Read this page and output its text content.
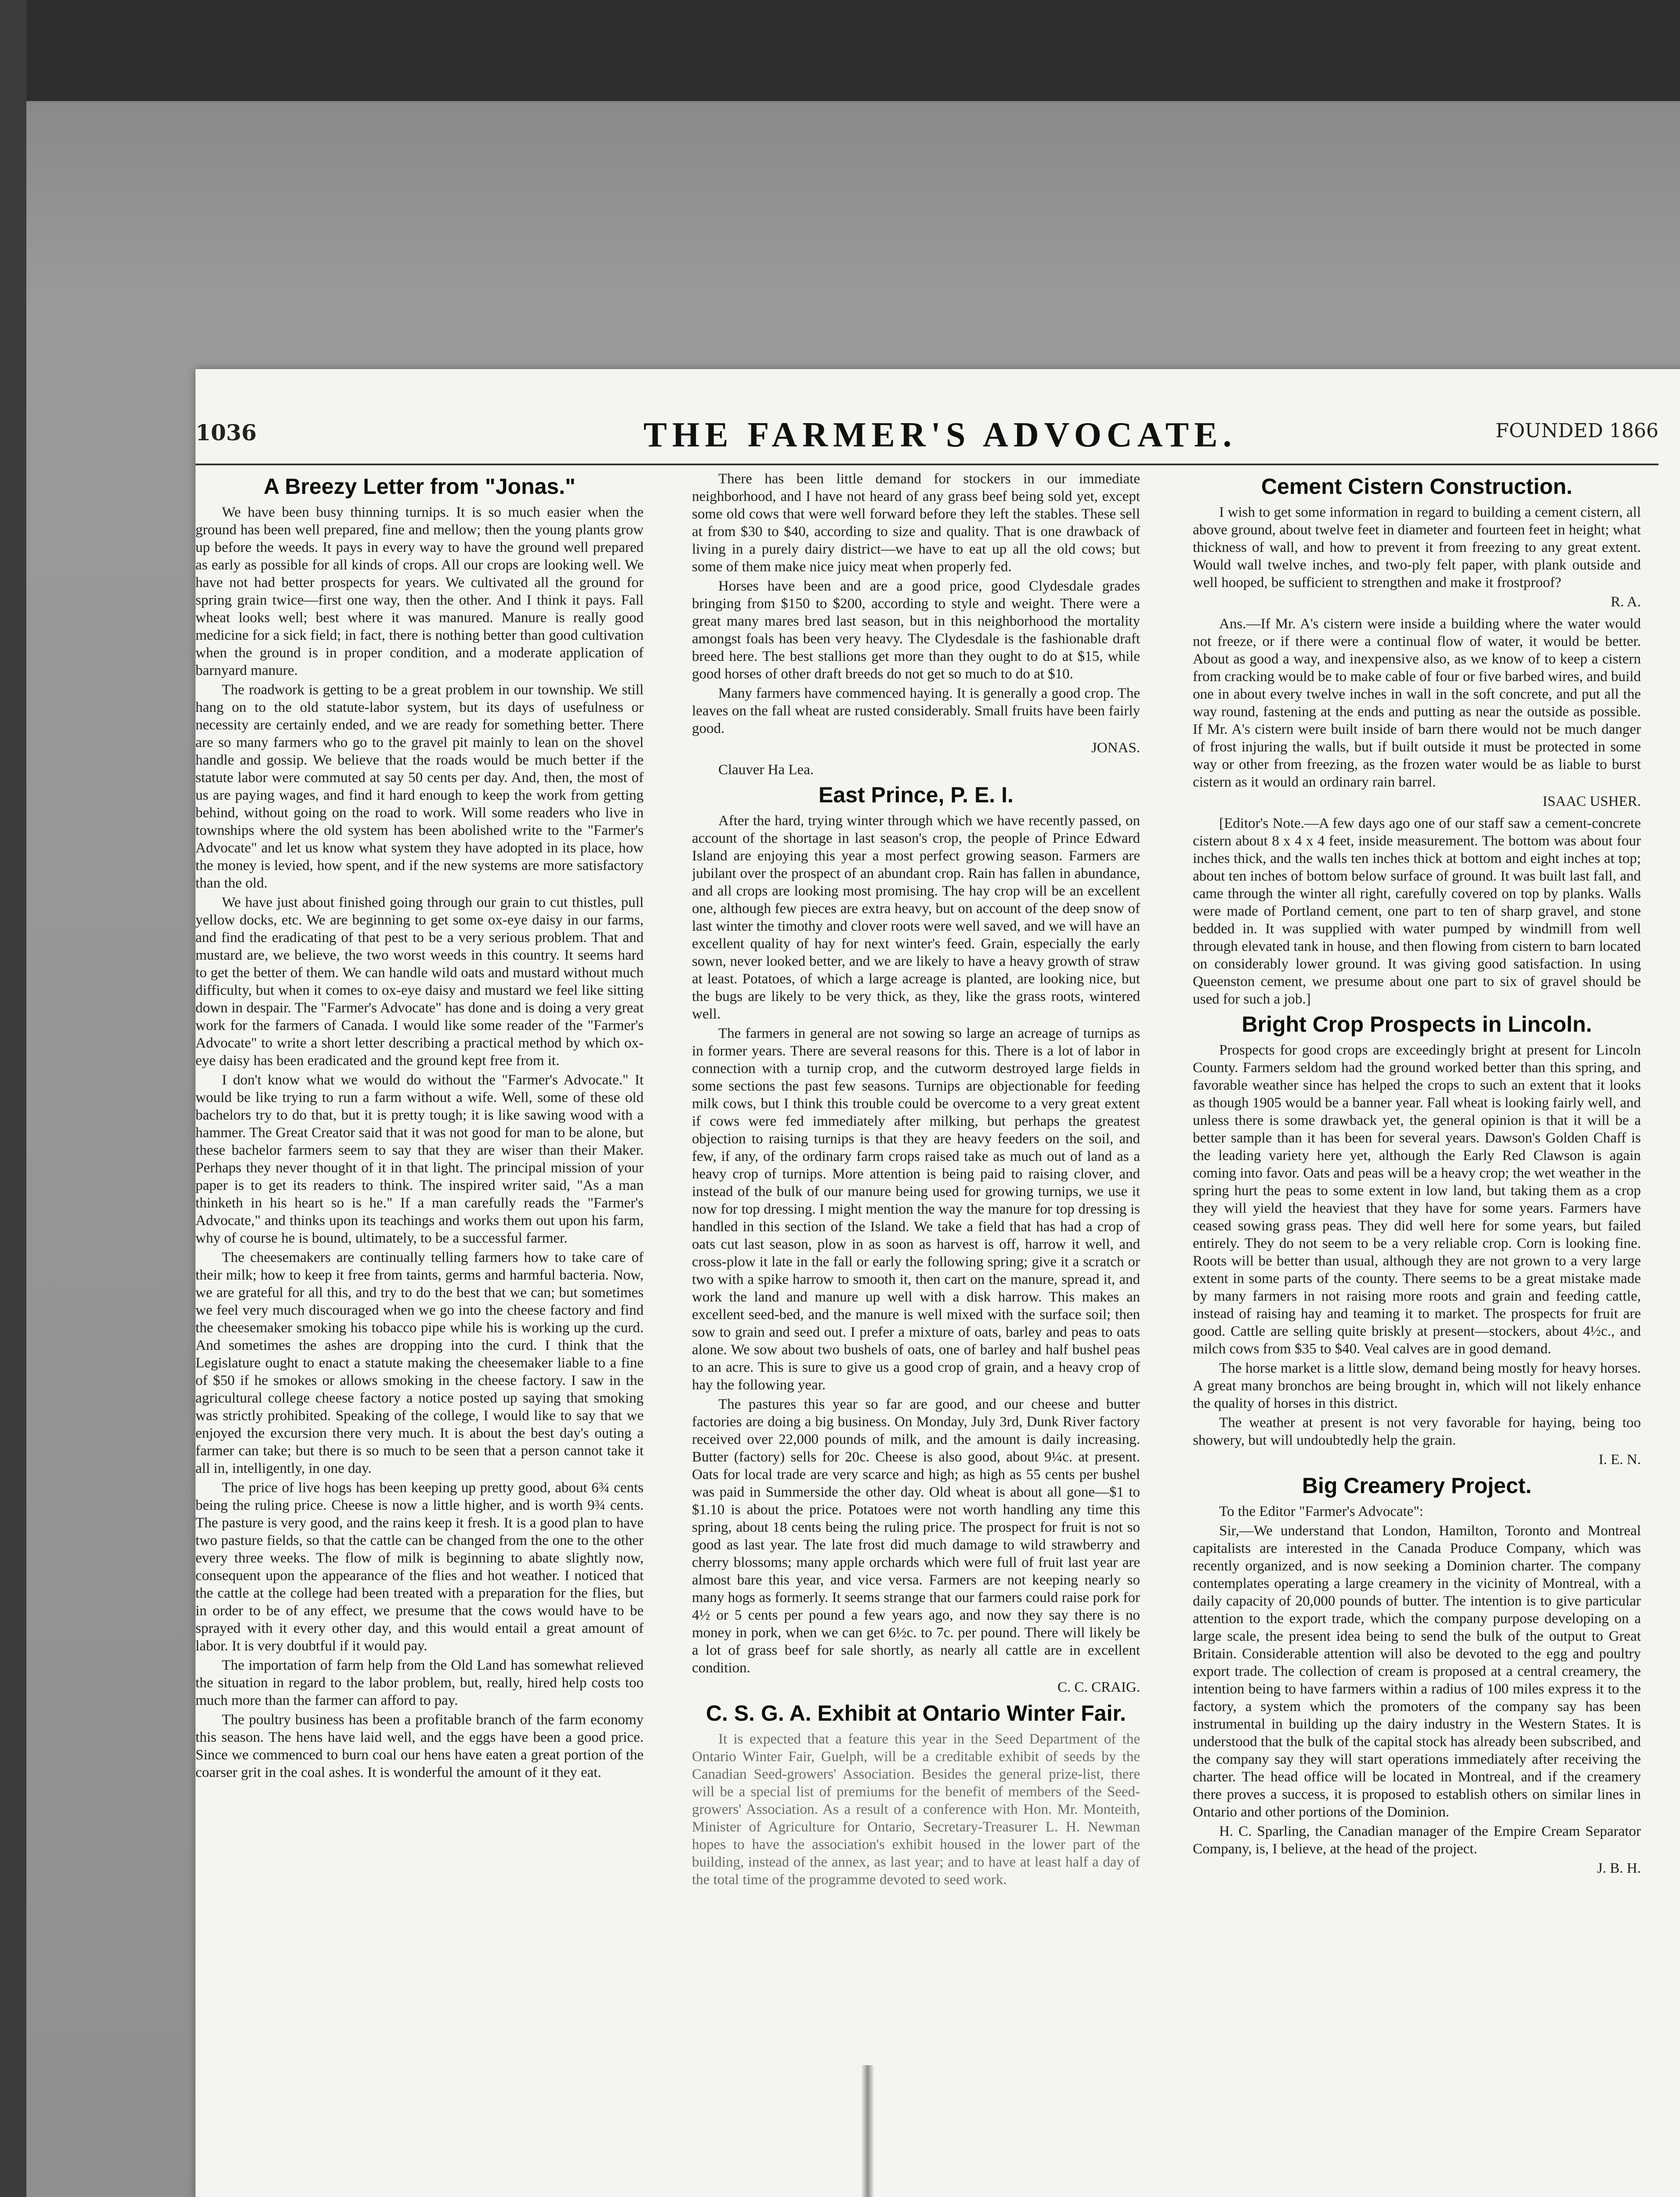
1036	THE FARMER'S ADVOCATE.	FOUNDED 1866
A Breezy Letter from "Jonas."

We have been busy thinning turnips. It is so much easier when the ground has been well prepared, fine and mellow; then the young plants grow up before the weeds. It pays in every way to have the ground well prepared as early as possible for all kinds of crops. All our crops are looking well. We have not had better prospects for years. We cultivated all the ground for spring grain twice—first one way, then the other. And I think it pays. Fall wheat looks well; best where it was manured. Manure is really good medicine for a sick field; in fact, there is nothing better than good cultivation when the ground is in proper condition, and a moderate application of barnyard manure.

The roadwork is getting to be a great problem in our township. We still hang on to the old statute-labor system, but its days of usefulness or necessity are certainly ended, and we are ready for something better. There are so many farmers who go to the gravel pit mainly to lean on the shovel handle and gossip. We believe that the roads would be much better if the statute labor were commuted at say 50 cents per day. And, then, the most of us are paying wages, and find it hard enough to keep the work from getting behind, without going on the road to work. Will some readers who live in townships where the old system has been abolished write to the "Farmer's Advocate" and let us know what system they have adopted in its place, how the money is levied, how spent, and if the new systems are more satisfactory than the old.

We have just about finished going through our grain to cut thistles, pull yellow docks, etc. We are beginning to get some ox-eye daisy in our farms, and find the eradicating of that pest to be a very serious problem. That and mustard are, we believe, the two worst weeds in this country. It seems hard to get the better of them. We can handle wild oats and mustard without much difficulty, but when it comes to ox-eye daisy and mustard we feel like sitting down in despair. The "Farmer's Advocate" has done and is doing a very great work for the farmers of Canada. I would like some reader of the "Farmer's Advocate" to write a short letter describing a practical method by which ox-eye daisy has been eradicated and the ground kept free from it.

I don't know what we would do without the "Farmer's Advocate." It would be like trying to run a farm without a wife. Well, some of these old bachelors try to do that, but it is pretty tough; it is like sawing wood with a hammer. The Great Creator said that it was not good for man to be alone, but these bachelor farmers seem to say that they are wiser than their Maker. Perhaps they never thought of it in that light. The principal mission of your paper is to get its readers to think. The inspired writer said, "As a man thinketh in his heart so is he." If a man carefully reads the "Farmer's Advocate," and thinks upon its teachings and works them out upon his farm, why of course he is bound, ultimately, to be a successful farmer.

The cheesemakers are continually telling farmers how to take care of their milk; how to keep it free from taints, germs and harmful bacteria. Now, we are grateful for all this, and try to do the best that we can; but sometimes we feel very much discouraged when we go into the cheese factory and find the cheesemaker smoking his tobacco pipe while his is working up the curd. And sometimes the ashes are dropping into the curd. I think that the Legislature ought to enact a statute making the cheesemaker liable to a fine of $50 if he smokes or allows smoking in the cheese factory. I saw in the agricultural college cheese factory a notice posted up saying that smoking was strictly prohibited. Speaking of the college, I would like to say that we enjoyed the excursion there very much. It is about the best day's outing a farmer can take; but there is so much to be seen that a person cannot take it all in, intelligently, in one day.

The price of live hogs has been keeping up pretty good, about 6¾ cents being the ruling price. Cheese is now a little higher, and is worth 9¾ cents. The pasture is very good, and the rains keep it fresh. It is a good plan to have two pasture fields, so that the cattle can be changed from the one to the other every three weeks. The flow of milk is beginning to abate slightly now, consequent upon the appearance of the flies and hot weather. I noticed that the cattle at the college had been treated with a preparation for the flies, but in order to be of any effect, we presume that the cows would have to be sprayed with it every other day, and this would entail a great amount of labor. It is very doubtful if it would pay.

The importation of farm help from the Old Land has somewhat relieved the situation in regard to the labor problem, but, really, hired help costs too much more than the farmer can afford to pay.

The poultry business has been a profitable branch of the farm economy this season. The hens have laid well, and the eggs have been a good price. Since we commenced to burn coal our hens have eaten a great portion of the coarser grit in the coal ashes. It is wonderful the amount of it they eat.

There has been little demand for stockers in our immediate neighborhood, and I have not heard of any grass beef being sold yet, except some old cows that were well forward before they left the stables. These sell at from $30 to $40, according to size and quality. That is one drawback of living in a purely dairy district—we have to eat up all the old cows; but some of them make nice juicy meat when properly fed.

Horses have been and are a good price, good Clydesdale grades bringing from $150 to $200, according to style and weight. There were a great many mares bred last season, but in this neighborhood the mortality amongst foals has been very heavy. The Clydesdale is the fashionable draft breed here. The best stallions get more than they ought to do at $15, while good horses of other draft breeds do not get so much to do at $10.

Many farmers have commenced haying. It is generally a good crop. The leaves on the fall wheat are rusted considerably. Small fruits have been fairly good.

JONAS.
Clauver Ha Lea.
East Prince, P. E. I.

After the hard, trying winter through which we have recently passed, on account of the shortage in last season's crop, the people of Prince Edward Island are enjoying this year a most perfect growing season. Farmers are jubilant over the prospect of an abundant crop. Rain has fallen in abundance, and all crops are looking most promising. The hay crop will be an excellent one, although few pieces are extra heavy, but on account of the deep snow of last winter the timothy and clover roots were well saved, and we will have an excellent quality of hay for next winter's feed. Grain, especially the early sown, never looked better, and we are likely to have a heavy growth of straw at least. Potatoes, of which a large acreage is planted, are looking nice, but the bugs are likely to be very thick, as they, like the grass roots, wintered well.

The farmers in general are not sowing so large an acreage of turnips as in former years. There are several reasons for this. There is a lot of labor in connection with a turnip crop, and the cutworm destroyed large fields in some sections the past few seasons. Turnips are objectionable for feeding milk cows, but I think this trouble could be overcome to a very great extent if cows were fed immediately after milking, but perhaps the greatest objection to raising turnips is that they are heavy feeders on the soil, and few, if any, of the ordinary farm crops raised take as much out of land as a heavy crop of turnips. More attention is being paid to raising clover, and instead of the bulk of our manure being used for growing turnips, we use it now for top dressing. I might mention the way the manure for top dressing is handled in this section of the Island. We take a field that has had a crop of oats cut last season, plow in as soon as harvest is off, harrow it well, and cross-plow it late in the fall or early the following spring; give it a scratch or two with a spike harrow to smooth it, then cart on the manure, spread it, and work the land and manure up well with a disk harrow. This makes an excellent seed-bed, and the manure is well mixed with the surface soil; then sow to grain and seed out. I prefer a mixture of oats, barley and peas to oats alone. We sow about two bushels of oats, one of barley and half bushel peas to an acre. This is sure to give us a good crop of grain, and a heavy crop of hay the following year.

The pastures this year so far are good, and our cheese and butter factories are doing a big business. On Monday, July 3rd, Dunk River factory received over 22,000 pounds of milk, and the amount is daily increasing. Butter (factory) sells for 20c. Cheese is also good, about 9¼c. at present. Oats for local trade are very scarce and high; as high as 55 cents per bushel was paid in Summerside the other day. Old wheat is about all gone—$1 to $1.10 is about the price. Potatoes were not worth handling any time this spring, about 18 cents being the ruling price. The prospect for fruit is not so good as last year. The late frost did much damage to wild strawberry and cherry blossoms; many apple orchards which were full of fruit last year are almost bare this year, and vice versa. Farmers are not keeping nearly so many hogs as formerly. It seems strange that our farmers could raise pork for 4½ or 5 cents per pound a few years ago, and now they say there is no money in pork, when we can get 6½c. to 7c. per pound. There will likely be a lot of grass beef for sale shortly, as nearly all cattle are in excellent condition.

C. C. CRAIG.
C. S. G. A. Exhibit at Ontario Winter Fair.

It is expected that a feature this year in the Seed Department of the Ontario Winter Fair, Guelph, will be a creditable exhibit of seeds by the Canadian Seed-growers' Association. Besides the general prize-list, there will be a special list of premiums for the benefit of members of the Seed-growers' Association. As a result of a conference with Hon. Mr. Monteith, Minister of Agriculture for Ontario, Secretary-Treasurer L. H. Newman hopes to have the association's exhibit housed in the lower part of the building, instead of the annex, as last year; and to have at least half a day of the total time of the programme devoted to seed work.

Cement Cistern Construction.

I wish to get some information in regard to building a cement cistern, all above ground, about twelve feet in diameter and fourteen feet in height; what thickness of wall, and how to prevent it from freezing to any great extent. Would wall twelve inches, and two-ply felt paper, with plank outside and well hooped, be sufficient to strengthen and make it frostproof?

R. A.

Ans.—If Mr. A's cistern were inside a building where the water would not freeze, or if there were a continual flow of water, it would be better. About as good a way, and inexpensive also, as we know of to keep a cistern from cracking would be to make cable of four or five barbed wires, and build one in about every twelve inches in wall in the soft concrete, and put all the way round, fastening at the ends and putting as near the outside as possible. If Mr. A's cistern were built inside of barn there would not be much danger of frost injuring the walls, but if built outside it must be protected in some way or other from freezing, as the frozen water would be as liable to burst cistern as it would an ordinary rain barrel.

ISAAC USHER.

[Editor's Note.—A few days ago one of our staff saw a cement-concrete cistern about 8 x 4 x 4 feet, inside measurement. The bottom was about four inches thick, and the walls ten inches thick at bottom and eight inches at top; about ten inches of bottom below surface of ground. It was built last fall, and came through the winter all right, carefully covered on top by planks. Walls were made of Portland cement, one part to ten of sharp gravel, and stone bedded in. It was supplied with water pumped by windmill from well through elevated tank in house, and then flowing from cistern to barn located on considerably lower ground. It was giving good satisfaction. In using Queenston cement, we presume about one part to six of gravel should be used for such a job.]

Bright Crop Prospects in Lincoln.

Prospects for good crops are exceedingly bright at present for Lincoln County. Farmers seldom had the ground worked better than this spring, and favorable weather since has helped the crops to such an extent that it looks as though 1905 would be a banner year. Fall wheat is looking fairly well, and unless there is some drawback yet, the general opinion is that it will be a better sample than it has been for several years. Dawson's Golden Chaff is the leading variety here yet, although the Early Red Clawson is again coming into favor. Oats and peas will be a heavy crop; the wet weather in the spring hurt the peas to some extent in low land, but taking them as a crop they will yield the heaviest that they have for some years. Farmers have ceased sowing grass peas. They did well here for some years, but failed entirely. They do not seem to be a very reliable crop. Corn is looking fine. Roots will be better than usual, although they are not grown to a very large extent in some parts of the county. There seems to be a great mistake made by many farmers in not raising more roots and grain and feeding cattle, instead of raising hay and teaming it to market. The prospects for fruit are good. Cattle are selling quite briskly at present—stockers, about 4½c., and milch cows from $35 to $40. Veal calves are in good demand.

The horse market is a little slow, demand being mostly for heavy horses. A great many bronchos are being brought in, which will not likely enhance the quality of horses in this district.

The weather at present is not very favorable for haying, being too showery, but will undoubtedly help the grain.

I. E. N.
Big Creamery Project.
To the Editor "Farmer's Advocate":

Sir,—We understand that London, Hamilton, Toronto and Montreal capitalists are interested in the Canada Produce Company, which was recently organized, and is now seeking a Dominion charter. The company contemplates operating a large creamery in the vicinity of Montreal, with a daily capacity of 20,000 pounds of butter. The intention is to give particular attention to the export trade, which the company purpose developing on a large scale, the present idea being to send the bulk of the output to Great Britain. Considerable attention will also be devoted to the egg and poultry export trade. The collection of cream is proposed at a central creamery, the intention being to have farmers within a radius of 100 miles express it to the factory, a system which the promoters of the company say has been instrumental in building up the dairy industry in the Western States. It is understood that the bulk of the capital stock has already been subscribed, and the company say they will start operations immediately after receiving the charter. The head office will be located in Montreal, and if the creamery there proves a success, it is proposed to establish others on similar lines in Ontario and other portions of the Dominion.

H. C. Sparling, the Canadian manager of the Empire Cream Separator Company, is, I believe, at the head of the project.

J. B. H.
